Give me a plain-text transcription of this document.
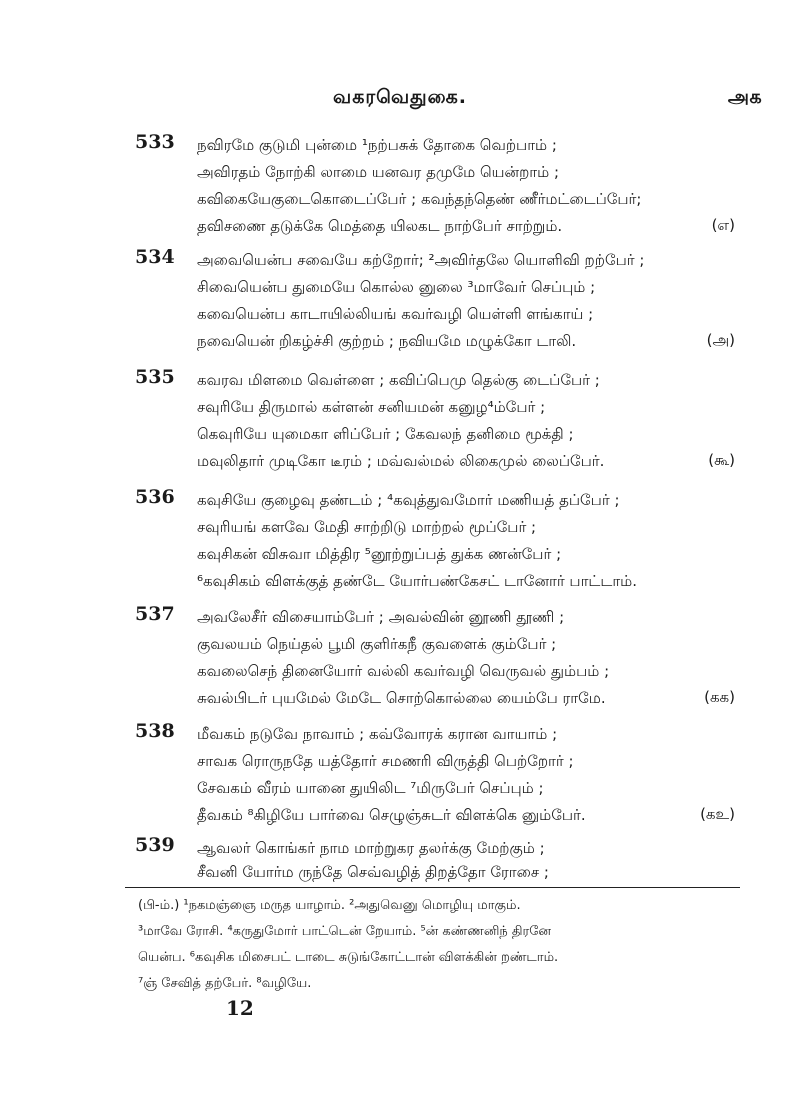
வகரவெதுகை.	அ௧
533 நவிரமே குடுமி புன்மை ¹நற்பசுக் தோகை வெற்பாம் ;
அவிரதம் நோற்கி லாமை யனவர தமுமே யென்றாம் ;
கவிகையேகுடைகொடைப்பேர் ; கவந்தந்தெண் ணீர்மட்டைப்பேர்;
தவிசணை தடுக்கே மெத்தை யிலகட நாற்பேர் சாற்றும்.	(எ)
534 அவையென்ப சவையே கற்றோர்; ²அவிர்தலே யொளிவி றற்பேர் ;
சிவையென்ப துமையே கொல்ல னுலை ³மாவேர் செப்பும் ;
கவையென்ப காடாயில்லியங் கவர்வழி யெள்ளி ளங்காய் ;
நவையென் றிகழ்ச்சி குற்றம் ; நவியமே மழுக்கோ டாலி.	(அ)
535 கவரவ மிளமை வெள்ளை ; கவிப்பெமு தெல்கு டைப்பேர் ;
சவுரியே திருமால் கள்ளன் சனியமன் கனுழ⁴ம்பேர் ;
கெவுரியே யுமைகா ளிப்பேர் ; கேவலந் தனிமை மூக்தி ;
மவுலிதார் முடிகோ டீரம் ; மவ்வல்மல் லிகைமுல் லைப்பேர்.	(கூ)
536 கவுசியே குழைவு தண்டம் ; ⁴கவுத்துவமோர் மணியத் தப்பேர் ;
சவுரியங் களவே மேதி சாற்றிடு மாற்றல் மூப்பேர் ;
கவுசிகன் விசுவா மித்திர ⁵னூற்றுப்பத் துக்க ணன்பேர் ;
⁶கவுசிகம் விளக்குத் தண்டே யோர்பண்கேசட் டானோர் பாட்டாம்.
537 அவலேசீர் விசையாம்பேர் ; அவல்வின் னூணி தூணி ;
குவலயம் நெய்தல் பூமி குளிர்கநீ குவளைக் கும்பேர் ;
கவலைசெந் தினையோர் வல்லி கவர்வழி வெருவல் தும்பம் ;
சுவல்பிடர் புயமேல் மேடே சொற்கொல்லை யைம்பே ராமே.	(கக)
538 மீவகம் நடுவே நாவாம் ; கவ்வோரக் கரான வாயாம் ;
சாவக ரொருநதே யத்தோர் சமணரி விருத்தி பெற்றோர் ;
சேவகம் வீரம் யானை துயிலிட ⁷மிருபேர் செப்பும் ;
தீவகம் ⁸கிழியே பார்வை செழுஞ்சுடர் விளக்கெ னும்பேர்.	(கஉ)
539 ஆவலர் கொங்கர் நாம மாற்றுகர தலர்க்கு மேற்கும் ;
சீவனி யோர்ம ருந்தே செவ்வழித் திறத்தோ ரோசை ;
(பி-ம்.) ¹நகமஞ்ஞை மருத யாழாம். ²அதுவெனு மொழியு மாகும்.
³மாவே ரோசி. ⁴கருதுமோர் பாட்டென் றேயாம். ⁵ன் கண்ணனிந் திரனே
யென்ப. ⁶கவுசிக மிசைபட் டாடை சுடுங்கோட்டான் விளக்கின் றண்டாம்.
⁷ஞ் சேவித் தற்பேர். ⁸வழியே.
12
